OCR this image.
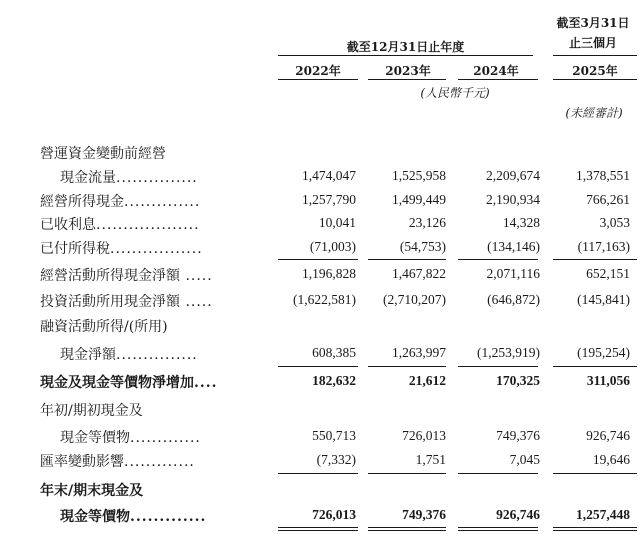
截至3月31日
止三個月
截至12月31日止年度
2022年	2023年	2024年	2025年
(人民幣千元)
(未經審計)
營運資金變動前經營
現金流量...............	1,474,047	1,525,958	2,209,674	1,378,551
經營所得現金..............	1,257,790	1,499,449	2,190,934	766,261
已收利息...................	10,041	23,126	14,328	3,053
已付所得稅.................	(71,003)	(54,753)	(134,146)	(117,163)
經營活動所得現金淨額 .....	1,196,828	1,467,822	2,071,116	652,151
投資活動所用現金淨額 .....	(1,622,581)	(2,710,207)	(646,872)	(145,841)
融資活動所得/(所用)
現金淨額...............	608,385	1,263,997	(1,253,919)	(195,254)
現金及現金等價物淨增加....	182,632	21,612	170,325	311,056
年初/期初現金及
現金等價物.............	550,713	726,013	749,376	926,746
匯率變動影響.............	(7,332)	1,751	7,045	19,646
年末/期末現金及
現金等價物.............	726,013	749,376	926,746	1,257,448
